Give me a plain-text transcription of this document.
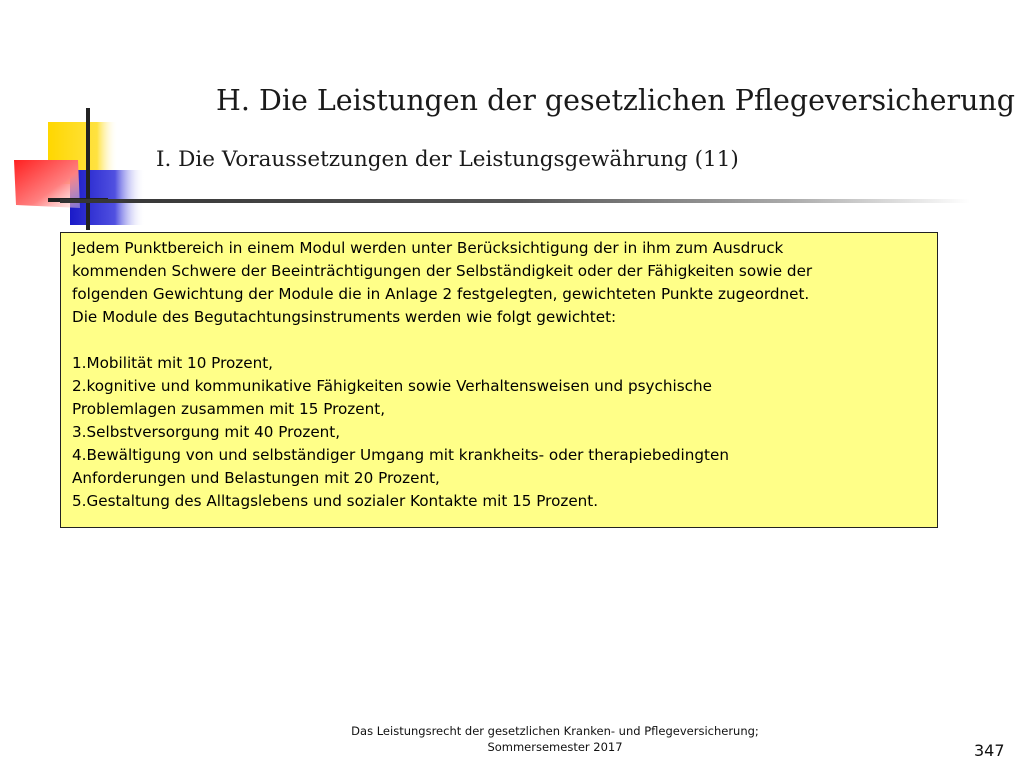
H. Die Leistungen der gesetzlichen Pflegeversicherung
I. Die Voraussetzungen der Leistungsgewährung (11)

Jedem Punktbereich in einem Modul werden unter Berücksichtigung der in ihm zum Ausdruck

kommenden Schwere der Beeinträchtigungen der Selbständigkeit oder der Fähigkeiten sowie der

folgenden Gewichtung der Module die in Anlage 2 festgelegten, gewichteten Punkte zugeordnet.

Die Module des Begutachtungsinstruments werden wie folgt gewichtet:

1.Mobilität mit 10 Prozent,
2.kognitive und kommunikative Fähigkeiten sowie Verhaltensweisen und psychische
Problemlagen zusammen mit 15 Prozent,
3.Selbstversorgung mit 40 Prozent,
4.Bewältigung von und selbständiger Umgang mit krankheits- oder therapiebedingten
Anforderungen und Belastungen mit 20 Prozent,
5.Gestaltung des Alltagslebens und sozialer Kontakte mit 15 Prozent.
Das Leistungsrecht der gesetzlichen Kranken- und Pflegeversicherung;
Sommersemester 2017	347
